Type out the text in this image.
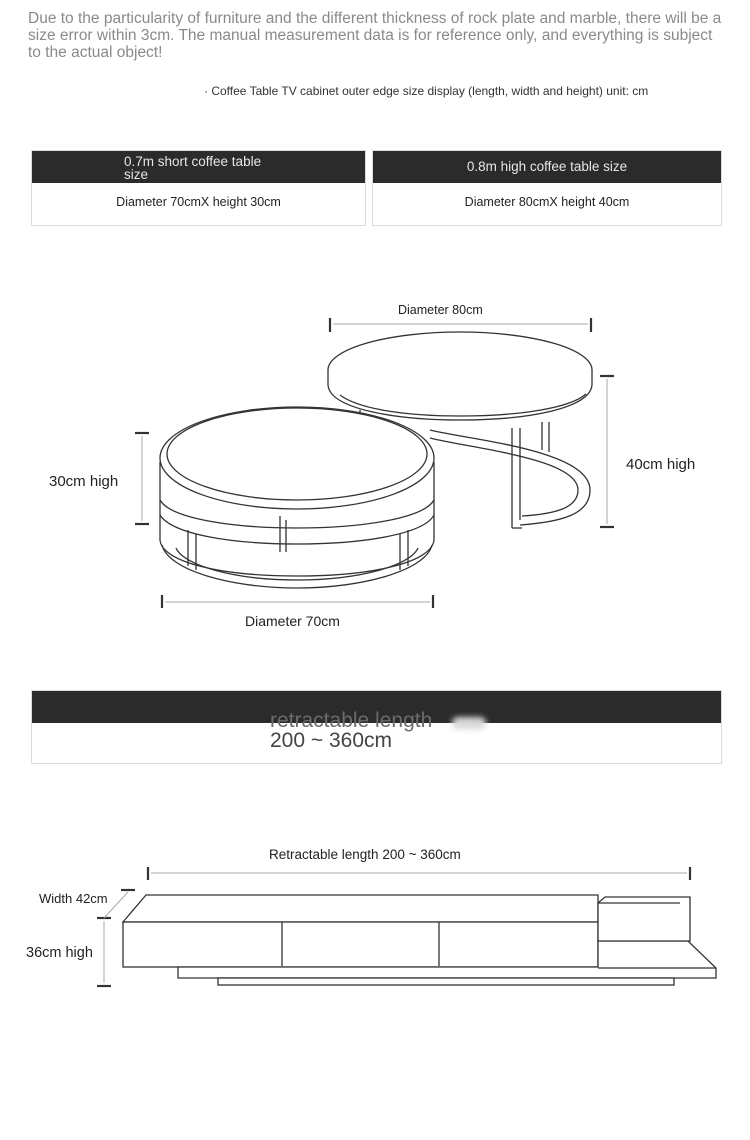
Due to the particularity of furniture and the different thickness of rock plate and marble, there will be a size error within 3cm. The manual measurement data is for reference only, and everything is subject to the actual object!
· Coffee Table TV cabinet outer edge size display (length, width and height) unit: cm
0.7m short coffee table size
Diameter 70cmX height 30cm
0.8m high coffee table size
Diameter 80cmX height 40cm
Diameter 80cm
40cm high
30cm high
Diameter 70cm
Retractable length 200 ~ 360cm
Width 42cm
36cm high
retractable length
200 ~ 360cm
